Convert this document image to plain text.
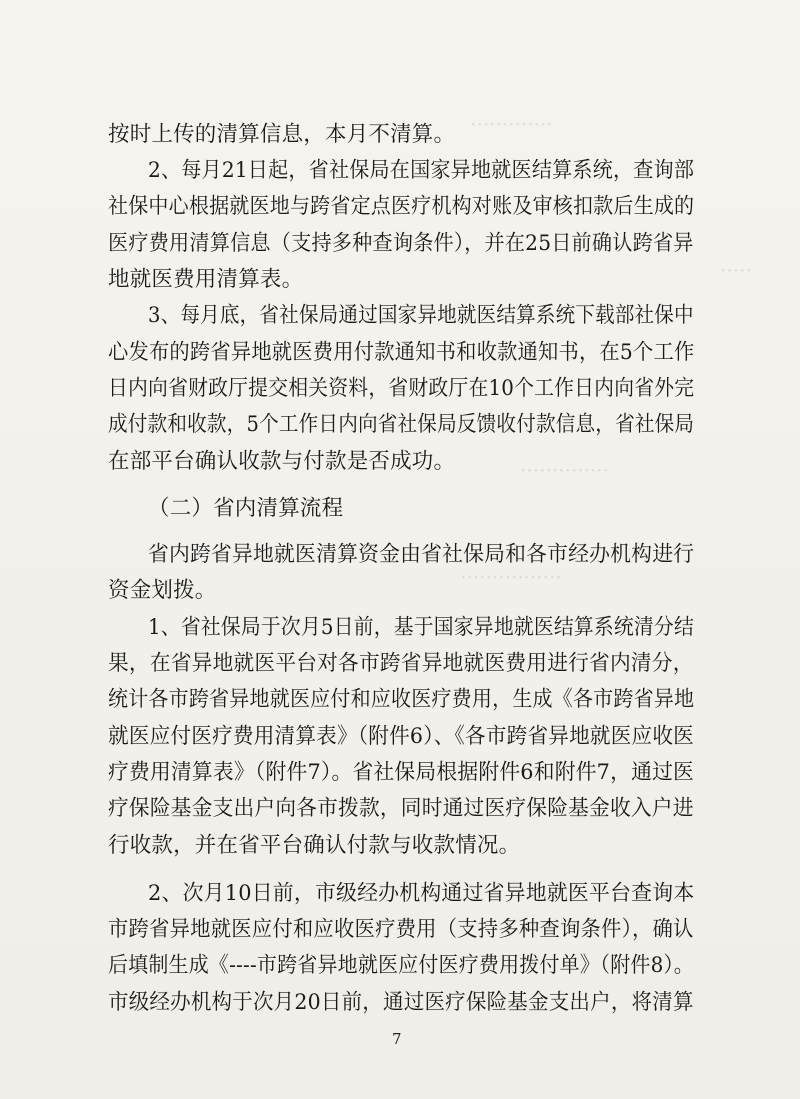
·············
·····
··············
················
按时上传的清算信息，本月不清算。
2、每月21日起，省社保局在国家异地就医结算系统，查询部
社保中心根据就医地与跨省定点医疗机构对账及审核扣款后生成的
医疗费用清算信息（支持多种查询条件），并在25日前确认跨省异
地就医费用清算表。
3、每月底，省社保局通过国家异地就医结算系统下载部社保中
心发布的跨省异地就医费用付款通知书和收款通知书，在5个工作
日内向省财政厅提交相关资料，省财政厅在10个工作日内向省外完
成付款和收款，5个工作日内向省社保局反馈收付款信息，省社保局
在部平台确认收款与付款是否成功。
（二）省内清算流程
省内跨省异地就医清算资金由省社保局和各市经办机构进行
资金划拨。
1、省社保局于次月5日前，基于国家异地就医结算系统清分结
果，在省异地就医平台对各市跨省异地就医费用进行省内清分，
统计各市跨省异地就医应付和应收医疗费用，生成《各市跨省异地
就医应付医疗费用清算表》（附件6）、《各市跨省异地就医应收医
疗费用清算表》（附件7）。省社保局根据附件6和附件7，通过医
疗保险基金支出户向各市拨款，同时通过医疗保险基金收入户进
行收款，并在省平台确认付款与收款情况。
2、次月10日前，市级经办机构通过省异地就医平台查询本
市跨省异地就医应付和应收医疗费用（支持多种查询条件），确认
后填制生成《----市跨省异地就医应付医疗费用拨付单》（附件8）。
市级经办机构于次月20日前，通过医疗保险基金支出户，将清算
7
